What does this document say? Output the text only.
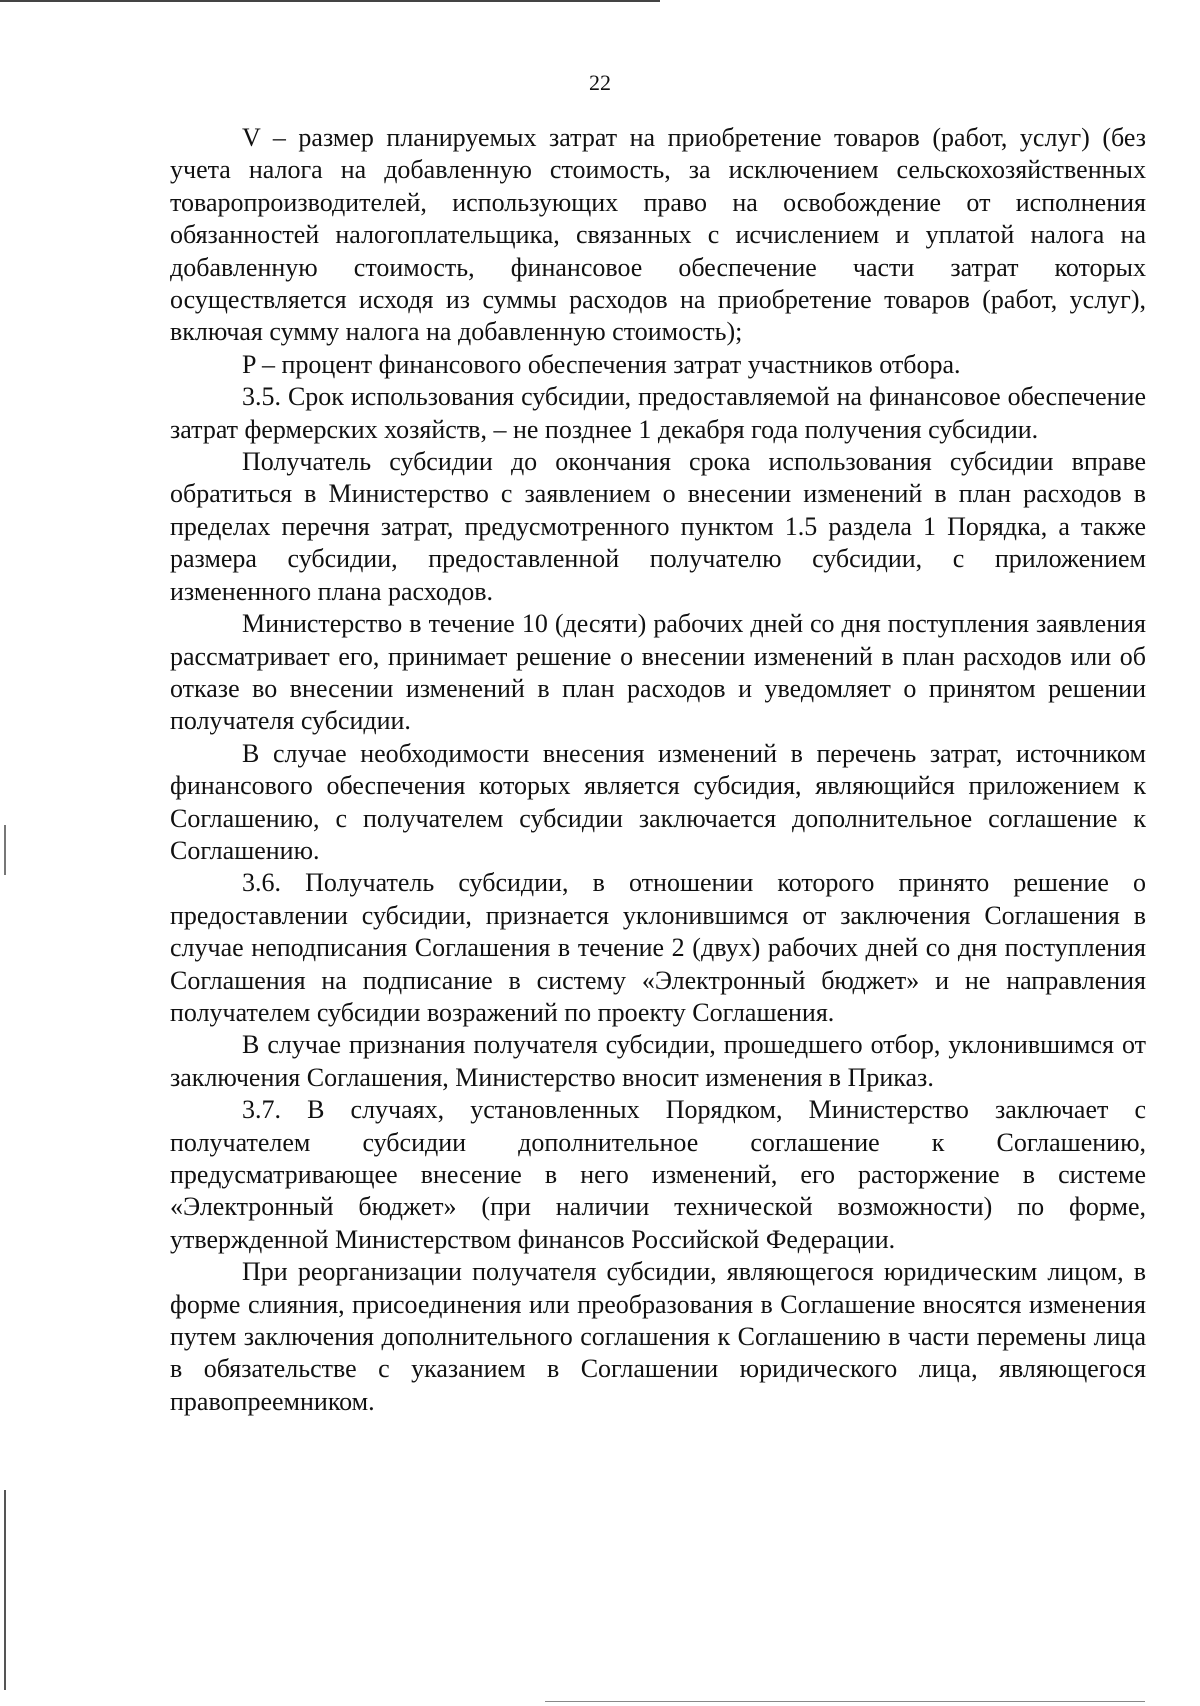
22

V – размер планируемых затрат на приобретение товаров (работ, услуг) (без учета налога на добавленную стоимость, за исключением сельскохозяйственных товаропроизводителей, использующих право на освобождение от исполнения обязанностей налогоплательщика, связанных с исчислением и уплатой налога на добавленную стоимость, финансовое обеспечение части затрат которых осуществляется исходя из суммы расходов на приобретение товаров (работ, услуг), включая сумму налога на добавленную стоимость);

P – процент финансового обеспечения затрат участников отбора.

3.5. Срок использования субсидии, предоставляемой на финансовое обеспечение затрат фермерских хозяйств, – не позднее 1 декабря года получения субсидии.

Получатель субсидии до окончания срока использования субсидии вправе обратиться в Министерство с заявлением о внесении изменений в план расходов в пределах перечня затрат, предусмотренного пунктом 1.5 раздела 1 Порядка, а также размера субсидии, предоставленной получателю субсидии, с приложением измененного плана расходов.

Министерство в течение 10 (десяти) рабочих дней со дня поступления заявления рассматривает его, принимает решение о внесении изменений в план расходов или об отказе во внесении изменений в план расходов и уведомляет о принятом решении получателя субсидии.

В случае необходимости внесения изменений в перечень затрат, источником финансового обеспечения которых является субсидия, являющийся приложением к Соглашению, с получателем субсидии заключается дополнительное соглашение к Соглашению.

3.6. Получатель субсидии, в отношении которого принято решение о предоставлении субсидии, признается уклонившимся от заключения Соглашения в случае неподписания Соглашения в течение 2 (двух) рабочих дней со дня поступления Соглашения на подписание в систему «Электронный бюджет» и не направления получателем субсидии возражений по проекту Соглашения.

В случае признания получателя субсидии, прошедшего отбор, уклонившимся от заключения Соглашения, Министерство вносит изменения в Приказ.

3.7. В случаях, установленных Порядком, Министерство заключает с получателем субсидии дополнительное соглашение к Соглашению, предусматривающее внесение в него изменений, его расторжение в системе «Электронный бюджет» (при наличии технической возможности) по форме, утвержденной Министерством финансов Российской Федерации.

При реорганизации получателя субсидии, являющегося юридическим лицом, в форме слияния, присоединения или преобразования в Соглашение вносятся изменения путем заключения дополнительного соглашения к Соглашению в части перемены лица в обязательстве с указанием в Соглашении юридического лица, являющегося правопреемником.
